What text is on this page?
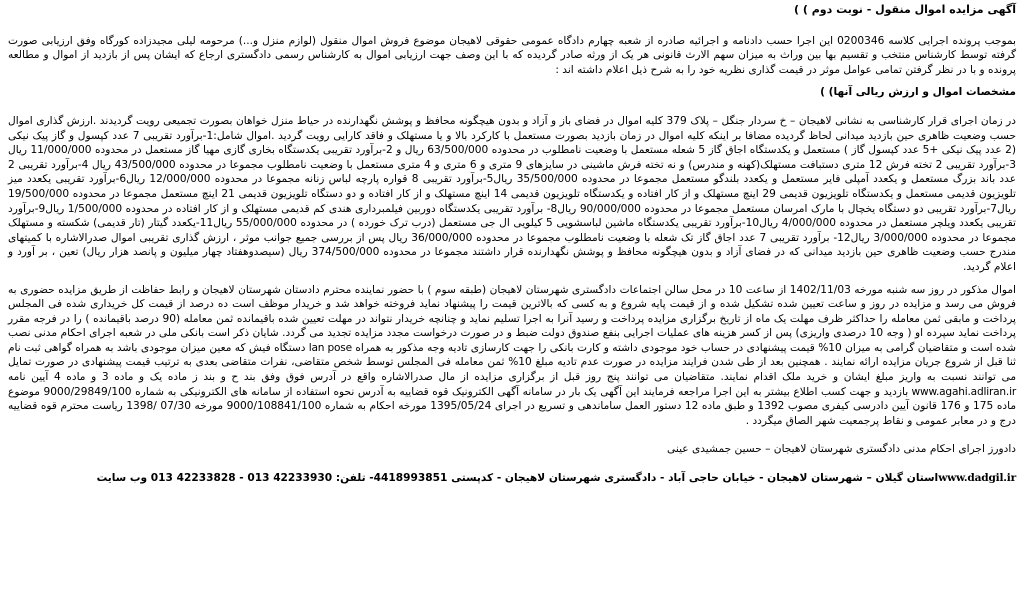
آگهی مزایده اموال منقول - نوبت دوم ) )

بموجب پرونده اجرایی کلاسه 0200346 این اجرا حسب دادنامه و اجرائیه صادره از شعبه چهارم دادگاه عمومی حقوقی لاهیجان موضوع فروش اموال منقول (لوازم منزل و...) مرحومه لیلی مجیدزاده کورگاه وفق ارزیابی صورت گرفته توسط کارشناس منتخب و تقسیم بها بین وراث به میزان سهم الارث قانونی هر یک از ورثه صادر گردیده که با این وصف جهت ارزیابی اموال به کارشناس رسمی دادگستری ارجاع که ایشان پس از بازدید از اموال و مطالعه پرونده و با در نظر گرفتن تمامی عوامل موثر در قیمت گذاری نظریه خود را به شرح ذیل اعلام داشته اند :

مشخصات اموال و ارزش ریالی آنها) )

در زمان اجرای قرار کارشناسی به نشانی لاهیجان – خ سردار جنگل – پلاک 379 کلیه اموال در فضای باز و آزاد و بدون هیچگونه محافظ و پوشش نگهدارنده در حیاط منزل خواهان بصورت تجمیعی رویت گردیدند .ارزش گذاری اموال حسب وضعیت ظاهری حین بازدید میدانی لحاظ گردیده مضافا بر اینکه کلیه اموال در زمان بازدید بصورت مستعمل با کارکرد بالا و یا مستهلک و فاقد کارایی رویت گردید .اموال شامل:1-برآورد تقریبی 7 عدد کپسول و گاز پیک نیکی (2 عدد پیک نیکی +5 عدد کپسول گاز ) مستعمل و یکدستگاه اجاق گاز 5 شعله مستعمل با وضعیت نامطلوب در محدوده 63/500/000 ریال و 2-برآورد تقریبی یکدستگاه بخاری گازی مهیا گاز مستعمل در محدوده 11/000/000 ریال 3-برآورد تقریبی 2 تخته فرش 12 متری دستبافت مستهلک(کهنه و مندرس) و نه تخته فرش ماشینی در سایزهای 9 متری و 6 متری و 4 متری مستعمل با وضعیت نامطلوب مجموعا در محدوده 43/500/000 ریال 4-برآورد تقریبی 2 عدد باند بزرگ مستعمل و یکعدد آمپلی فایر مستعمل و یکعدد بلندگو مستعمل مجموعا در محدوده 35/500/000 ریال5-برآورد تقریبی 8 قواره پارچه لباس زنانه مجموعا در محدوده 12/000/000 ریال6-برآورد تقریبی یکعدد میز تلویزیون قدیمی مستعمل و یکدستگاه تلویزیون قدیمی 29 اینچ مستهلک و از کار افتاده و یکدستگاه تلویزیون قدیمی 14 اینچ مستهلک و از کار افتاده و دو دستگاه تلویزیون قدیمی 21 اینچ مستعمل مجموعا در محدوده 19/500/000 ریال7-برآورد تقریبی دو دستگاه یخچال با مارک امرسان مستعمل مجموعا در محدوده 90/000/000 ریال8- برآورد تقریبی یکدستگاه دوربین فیلمبرداری هندی کم قدیمی مستهلک و از کار افتاده در محدوده 1/500/000 ریال9-برآورد تقریبی یکعدد ویلچر مستعمل در محدوده 4/000/000 ریال10-برآورد تقریبی یکدستگاه ماشین لباسشویی 5 کیلویی ال جی مستعمل (درب ترک خورده ) در محدوده 55/000/000 ریال11-یکعدد گیتار (تار قدیمی) شکسته و مستهلک مجموعا در محدوده 3/000/000 ریال12- برآورد تقریبی 7 عدد اجاق گاز تک شعله با وضعیت نامطلوب مجموعا در محدوده 36/000/000 ریال پس از بررسی جمیع جوانب موثر ، ارزش گذاری تقریبی اموال صدرالاشاره با کمیتهای مندرج حسب وضعیت ظاهری حین بازدید میدانی که در فضای آزاد و بدون هیچگونه محافظ و پوشش نگهدارنده قرار داشتند مجموعا در محدوده 374/500/000 ریال (سیصدوهفتاد چهار میلیون و پانصد هزار ریال) تعین ، بر آورد و اعلام گردید.

اموال مذکور در روز سه شنبه مورخه 1402/11/03 از ساعت 10 در محل سالن اجتماعات دادگستری شهرستان لاهیجان (طبقه سوم ) با حضور نماینده محترم دادستان شهرستان لاهیجان و رابط حفاظت از طریق مزایده حضوری به فروش می رسد و مزایده در روز و ساعت تعیین شده تشکیل شده و از قیمت پایه شروع و به کسی که بالاترین قیمت را پیشنهاد نماید فروخته خواهد شد و خریدار موظف است ده درصد از قیمت کل خریداری شده فی المجلس پرداخت و مابقی ثمن معامله را حداکثر ظرف مهلت یک ماه از تاریخ برگزاری مزایده پرداخت و رسید آنرا به اجرا تسلیم نماید و چنانچه خریدار نتواند در مهلت تعیین شده باقیمانده ثمن معامله (90 درصد باقیمانده ) را در فرجه مقرر پرداخت نماید سپرده او ( وجه 10 درصدی واریزی) پس از کسر هزینه های عملیات اجرایی بنفع صندوق دولت ضبط و در صورت درخواست مجدد مزایده تجدید می گردد. شایان ذکر است بانکی ملی در شعبه اجرای احکام مدنی نصب شده است و متقاضیان گرامی به میزان 10% قیمت پیشنهادی در حساب خود موجودی داشته و کارت بانکی را جهت کارسازی تادیه وجه مذکور به همراه lan pose دستگاه فیش که معین میزان موجودی باشد به همراه گواهی ثبت نام ثنا قبل از شروع جریان مزایده ارائه نمایند . همچنین بعد از طی شدن فرایند مزایده در صورت عدم تادیه مبلغ 10% ثمن معامله فی المجلس توسط شخص متقاضی، نفرات متقاضی بعدی به ترتیب قیمت پیشنهادی در صورت تمایل می توانند نسبت به واریز مبلغ ایشان و خرید ملک اقدام نمایند. متقاضیان می توانند پنج روز قبل از برگزاری مزایده از مال صدرالاشاره واقع در آدرس فوق وفق بند ح و بند ز ماده یک و ماده 3 و ماده 4 آیین نامه www.agahi.adliran.ir بازدید و جهت کسب اطلاع بیشتر به این اجرا مراجعه فرمایند این آگهی یک بار در سامانه آگهی الکترونیک قوه قضاییه به آدرس نحوه استفاده از سامانه های الکترونیکی به شماره 9000/29849/100 موضوع ماده 175 و 176 قانون آیین دادرسی کیفری مصوب 1392 و طبق ماده 12 دستور العمل ساماندهی و تسریع در اجرای 1395/05/24 مورخه احکام به شماره 9000/108841/100 مورخه 07/30 /1398 ریاست محترم قوه قضاییه درج و در معابر عمومی و نقاط پرجمعیت شهر الصاق میگردد .

دادورز اجرای احکام مدنی دادگستری شهرستان لاهیجان – حسین جمشیدی عینی
www.dadgil.irاستان گیلان – شهرستان لاهیجان - خیابان حاجی آباد - دادگستری شهرستان لاهیجان - کدپستی 4418993851- تلفن: 42233930 013 - 42233828 013 وب سایت
